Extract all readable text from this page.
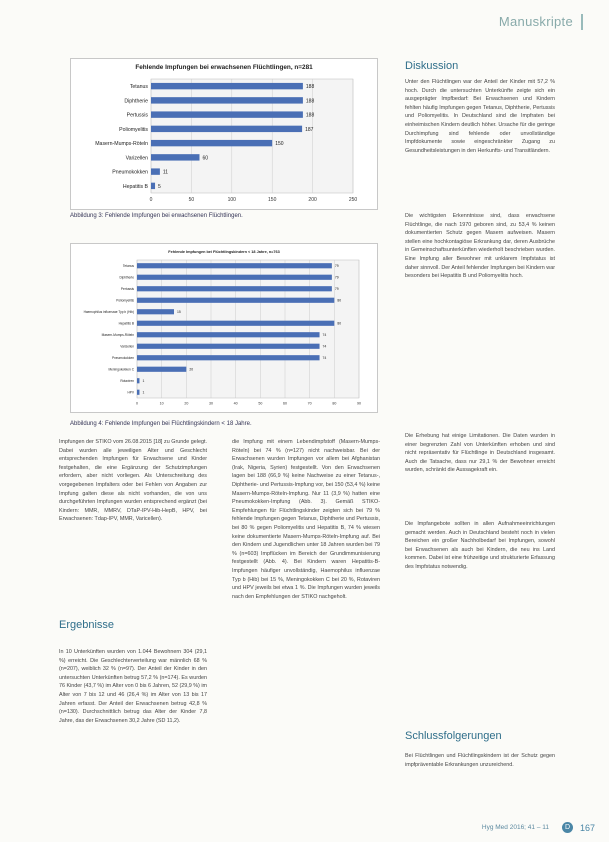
Manuskripte
Fehlende Impfungen bei erwachsenen Flüchtlingen, n=281
0	50	100	150	200	250
Tetanus	188
Diphtherie	188
Pertussis	188
Poliomyelitis	187
Masern-Mumps-Röteln	150
Varizellen	60
Pneumokokken	11
Hepatitis B 5
Abbildung 3: Fehlende Impfungen bei erwachsenen Flüchtlingen.
Fehlende Impfungen bei Flüchtlingskindern < 18 Jahre, n=763
0	10	20	30	40	50	60	70	80	90
Tetanus	79
Diphtherie	79
Pertussis	79
Poliomyelitis	80
Haemophilus influenzae Typ b (Hib)	15
Hepatitis B	80
Masern-Mumps-Röteln	74
Varizellen	74
Pneumokokken	74
Meningokokken C	20
Rotaviren 1
HPV 1
Abbildung 4: Fehlende Impfungen bei Flüchtlingskindern < 18 Jahre.
Impfungen der STIKO vom 26.08.2015 [18] zu Grunde gelegt. Dabei wurden alle jeweiligen Alter und Geschlecht entsprechenden Impfungen für Erwachsene und Kinder festgehalten, die eine Ergänzung der Schutzimpfungen erfordern, aber nicht vorliegen. Als Unterschreitung des vorgegebenen Impfalters oder bei Fehlen von Angaben zur Impfung galten diese als nicht vorhanden, die von uns durchgeführten Impfungen wurden entsprechend ergänzt (bei Kindern: MMR, MMRV, DTaP-IPV-Hib-HepB, HPV, bei Erwachsenen: Tdap-IPV, MMR, Varicellen).
Ergebnisse
In 10 Unterkünften wurden von 1.044 Bewohnern 304 (29,1 %) erreicht. Die Geschlechterverteilung war männlich 68 % (n=207), weiblich 32 % (n=97). Der Anteil der Kinder in den untersuchten Unterkünften betrug 57,2 % (n=174). Es wurden 76 Kinder (43,7 %) im Alter von 0 bis 6 Jahren, 52 (29,9 %) im Alter von 7 bis 12 und 46 (26,4 %) im Alter von 13 bis 17 Jahren erfasst. Der Anteil der Erwachsenen betrug 42,8 % (n=130). Durchschnittlich betrug das Alter der Kinder 7,8 Jahre, das der Erwachsenen 30,2 Jahre (SD 11,2).
die Impfung mit einem Lebendimpfstoff (Masern-Mumps-Röteln) bei 74 % (n=127) nicht nachweisbar. Bei der Erwachsenen wurden Impfungen vor allem bei Afghanistan (Irak, Nigeria, Syrien) festgestellt. Von den Erwachsenen lagen bei 188 (66,9 %) keine Nachweise zu einer Tetanus-, Diphtherie- und Pertussis-Impfung vor, bei 150 (53,4 %) keine Masern-Mumps-Röteln-Impfung. Nur 11 (3,9 %) hatten eine Pneumokokken-Impfung (Abb. 3). Gemäß STIKO-Empfehlungen für Flüchtlingskinder zeigten sich bei 79 % fehlende Impfungen gegen Tetanus, Diphtherie und Pertussis, bei 80 % gegen Poliomyelitis und Hepatitis B, 74 % wiesen keine dokumentierte Masern-Mumps-Röteln-Impfung auf. Bei den Kindern und Jugendlichen unter 18 Jahren wurden bei 79 % (n=603) Impflücken im Bereich der Grundimmunisierung festgestellt (Abb. 4). Bei Kindern waren Hepatitis-B-Impfungen häufiger unvollständig, Haemophilus influenzae Typ b (Hib) bei 15 %, Meningokokken C bei 20 %, Rotaviren und HPV jeweils bei etwa 1 %. Die Impfungen wurden jeweils nach den Empfehlungen der STIKO nachgeholt.
Diskussion
Unter den Flüchtlingen war der Anteil der Kinder mit 57,2 % hoch. Durch die untersuchten Unterkünfte zeigte sich ein ausgeprägter Impfbedarf: Bei Erwachsenen und Kindern fehlten häufig Impfungen gegen Tetanus, Diphtherie, Pertussis und Poliomyelitis. In Deutschland sind die Impfraten bei einheimischen Kindern deutlich höher. Ursache für die geringe Durchimpfung sind fehlende oder unvollständige Impfdokumente sowie eingeschränkter Zugang zu Gesundheitsleistungen in den Herkunfts- und Transitländern.
Die wichtigsten Erkenntnisse sind, dass erwachsene Flüchtlinge, die nach 1970 geboren sind, zu 53,4 % keinen dokumentierten Schutz gegen Masern aufweisen. Masern stellen eine hochkontagiöse Erkrankung dar, deren Ausbrüche in Gemeinschaftsunterkünften wiederholt beschrieben wurden. Eine Impfung aller Bewohner mit unklarem Impfstatus ist daher sinnvoll. Der Anteil fehlender Impfungen bei Kindern war besonders bei Hepatitis B und Poliomyelitis hoch.
Die Erhebung hat einige Limitationen. Die Daten wurden in einer begrenzten Zahl von Unterkünften erhoben und sind nicht repräsentativ für Flüchtlinge in Deutschland insgesamt. Auch die Tatsache, dass nur 29,1 % der Bewohner erreicht wurden, schränkt die Aussagekraft ein.
Die Impfangebote sollten in allen Aufnahmeeinrichtungen gemacht werden. Auch in Deutschland besteht noch in vielen Bereichen ein großer Nachholbedarf bei Impfungen, sowohl bei Erwachsenen als auch bei Kindern, die neu ins Land kommen. Dabei ist eine frühzeitige und strukturierte Erfassung des Impfstatus notwendig.
Schlussfolgerungen
Bei Flüchtlingen und Flüchtlingskindern ist der Schutz gegen impfpräventable Erkrankungen unzureichend.
Hyg Med 2016; 41 – 11	D	167
